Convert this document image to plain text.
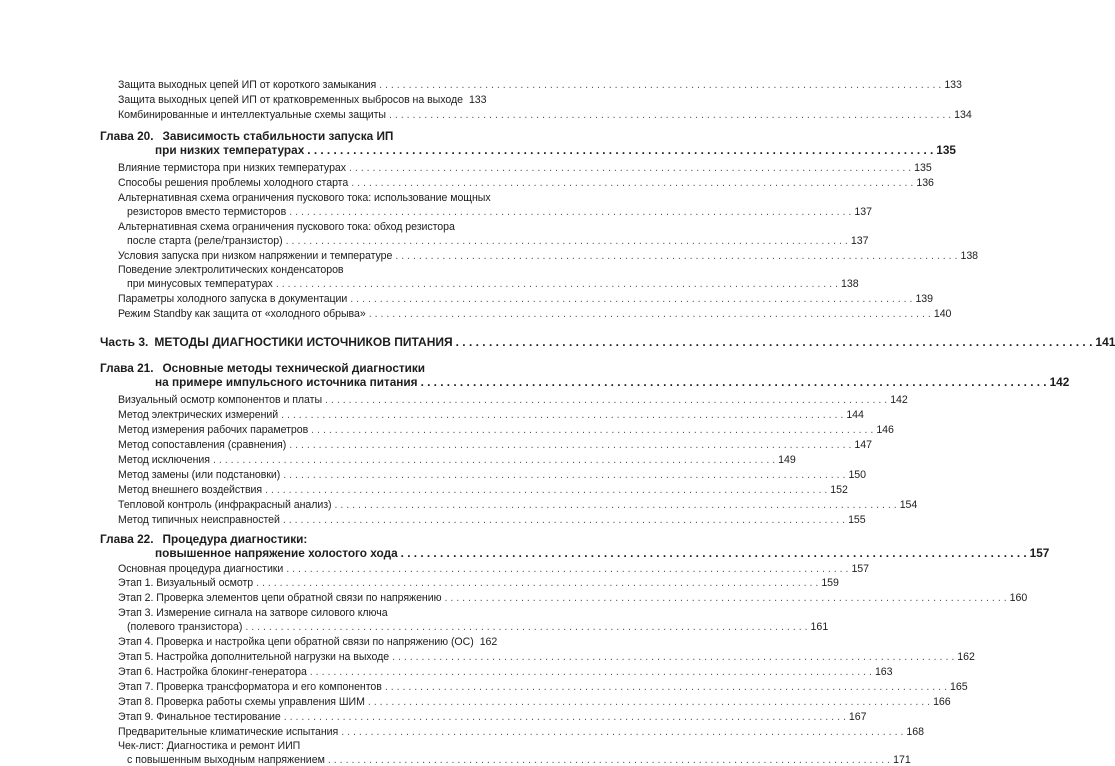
Защита выходных цепей ИП от короткого замыкания . . .	133
Защита выходных цепей ИП от кратковременных выбросов на выходе 133
Комбинированные и интеллектуальные схемы защиты . . .	134
Глава 20. Зависимость стабильности запуска ИП
при низких температурах . . .	135
Влияние термистора при низких температурах . . .	135
Способы решения проблемы холодного старта . . .	136
Альтернативная схема ограничения пускового тока: использование мощных
резисторов вместо термисторов . . .	137
Альтернативная схема ограничения пускового тока: обход резистора
после старта (реле/транзистор) . . .	137
Условия запуска при низком напряжении и температуре . . .	138
Поведение электролитических конденсаторов
при минусовых температурах . . .	138
Параметры холодного запуска в документации . . .	139
Режим Standby как защита от «холодного обрыва» . . .	140
Часть 3. МЕТОДЫ ДИАГНОСТИКИ ИСТОЧНИКОВ ПИТАНИЯ . . .	141
Глава 21. Основные методы технической диагностики
на примере импульсного источника питания . . .	142
Визуальный осмотр компонентов и платы . . .	142
Метод электрических измерений . . .	144
Метод измерения рабочих параметров . . .	146
Метод сопоставления (сравнения) . . .	147
Метод исключения . . .	149
Метод замены (или подстановки) . . .	150
Метод внешнего воздействия . . .	152
Тепловой контроль (инфракрасный анализ) . . .	154
Метод типичных неисправностей . . .	155
Глава 22. Процедура диагностики:
повышенное напряжение холостого хода . . .	157
Основная процедура диагностики . . .	157
Этап 1. Визуальный осмотр . . .	159
Этап 2. Проверка элементов цепи обратной связи по напряжению . . .	160
Этап 3. Измерение сигнала на затворе силового ключа
(полевого транзистора) . . .	161
Этап 4. Проверка и настройка цепи обратной связи по напряжению (ОС) 162
Этап 5. Настройка дополнительной нагрузки на выходе . . .	162
Этап 6. Настройка блокинг-генератора . . .	163
Этап 7. Проверка трансформатора и его компонентов . . .	165
Этап 8. Проверка работы схемы управления ШИМ . . .	166
Этап 9. Финальное тестирование . . .	167
Предварительные климатические испытания . . .	168
Чек-лист: Диагностика и ремонт ИИП
с повышенным выходным напряжением . . .	171
